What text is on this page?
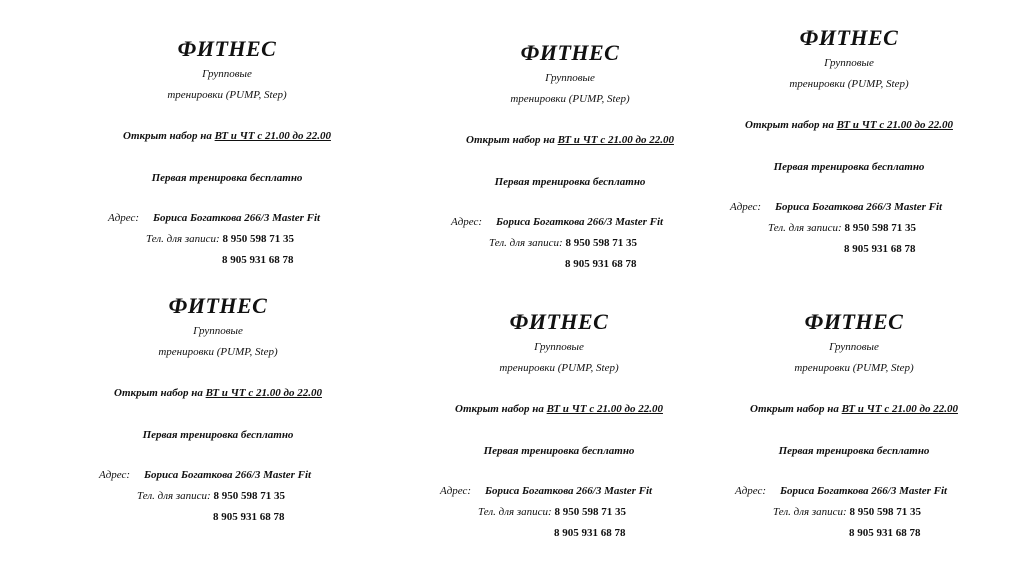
ФИТНЕС
Групповые
тренировки (PUMP, Step)
Открыт набор на ВТ и ЧТ с 21.00 до 22.00
Первая тренировка бесплатно
Адрес: Бориса Богаткова 266/3 Master Fit
Тел. для записи: 8 950 598 71 35
8 905 931 68 78
ФИТНЕС
Групповые
тренировки (PUMP, Step)
Открыт набор на ВТ и ЧТ с 21.00 до 22.00
Первая тренировка бесплатно
Адрес: Бориса Богаткова 266/3 Master Fit
Тел. для записи: 8 950 598 71 35
8 905 931 68 78
ФИТНЕС
Групповые
тренировки (PUMP, Step)
Открыт набор на ВТ и ЧТ с 21.00 до 22.00
Первая тренировка бесплатно
Адрес: Бориса Богаткова 266/3 Master Fit
Тел. для записи: 8 950 598 71 35
8 905 931 68 78
ФИТНЕС
Групповые
тренировки (PUMP, Step)
Открыт набор на ВТ и ЧТ с 21.00 до 22.00
Первая тренировка бесплатно
Адрес: Бориса Богаткова 266/3 Master Fit
Тел. для записи: 8 950 598 71 35
8 905 931 68 78
ФИТНЕС
Групповые
тренировки (PUMP, Step)
Открыт набор на ВТ и ЧТ с 21.00 до 22.00
Первая тренировка бесплатно
Адрес: Бориса Богаткова 266/3 Master Fit
Тел. для записи: 8 950 598 71 35
8 905 931 68 78
ФИТНЕС
Групповые
тренировки (PUMP, Step)
Открыт набор на ВТ и ЧТ с 21.00 до 22.00
Первая тренировка бесплатно
Адрес: Бориса Богаткова 266/3 Master Fit
Тел. для записи: 8 950 598 71 35
8 905 931 68 78
